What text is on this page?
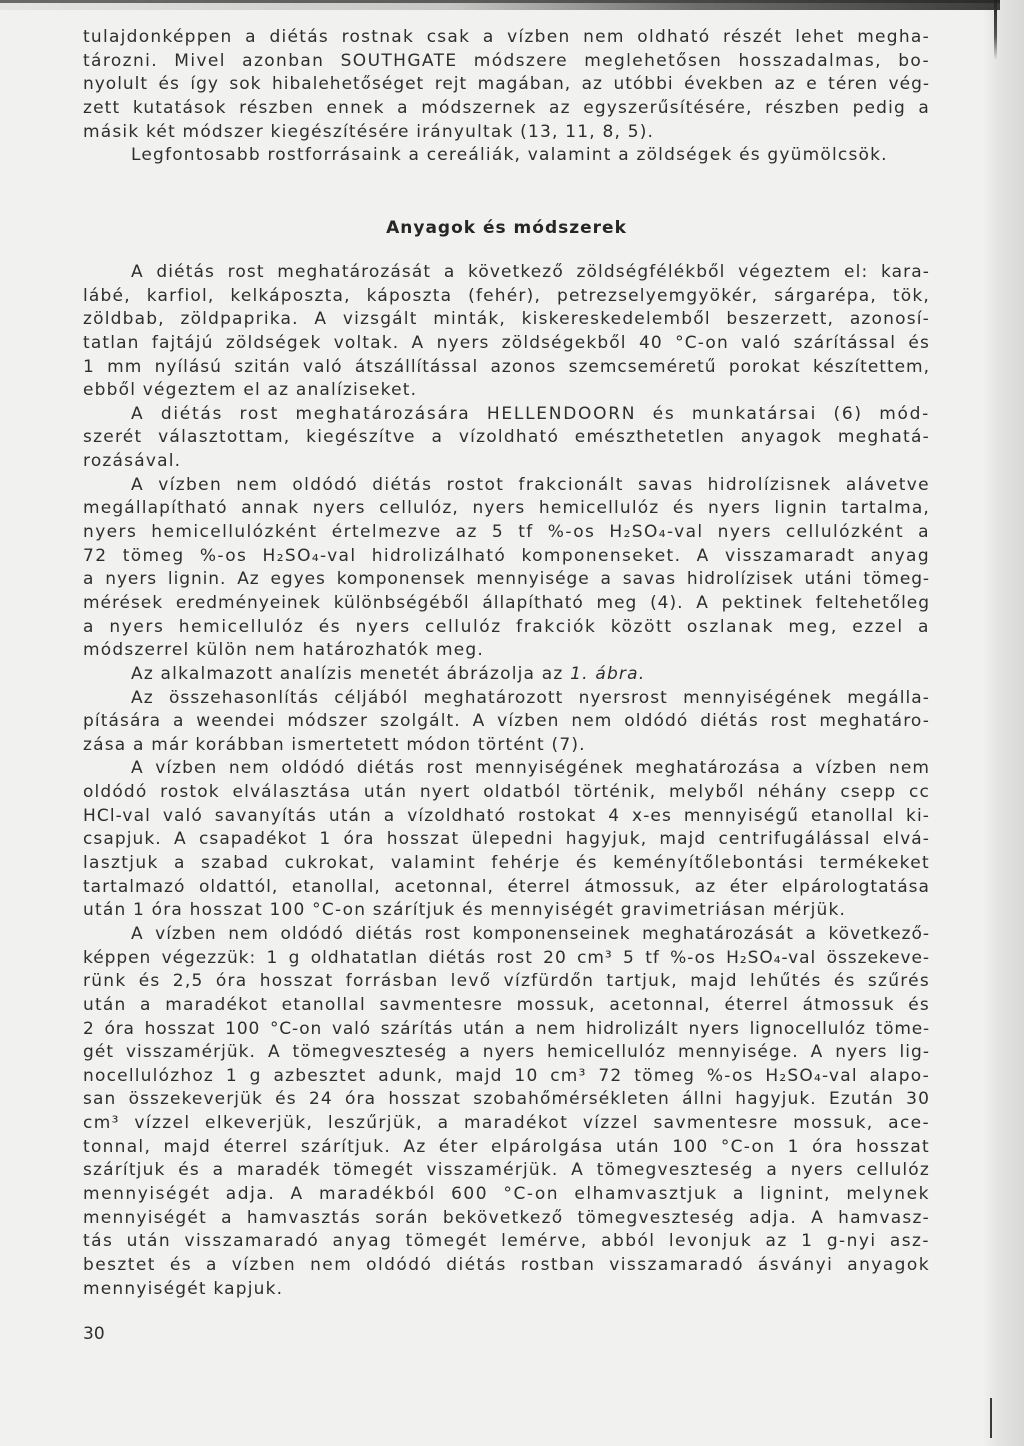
tulajdonképpen a diétás rostnak csak a vízben nem oldható részét lehet megha-
tározni. Mivel azonban SOUTHGATE módszere meglehetősen hosszadalmas, bo-
nyolult és így sok hibalehetőséget rejt magában, az utóbbi években az e téren vég-
zett kutatások részben ennek a módszernek az egyszerűsítésére, részben pedig a
másik két módszer kiegészítésére irányultak (13, 11, 8, 5).
Legfontosabb rostforrásaink a cereáliák, valamint a zöldségek és gyümölcsök.
Anyagok és módszerek
A diétás rost meghatározását a következő zöldségfélékből végeztem el: kara-
lábé, karfiol, kelkáposzta, káposzta (fehér), petrezselyemgyökér, sárgarépa, tök,
zöldbab, zöldpaprika. A vizsgált minták, kiskereskedelemből beszerzett, azonosí-
tatlan fajtájú zöldségek voltak. A nyers zöldségekből 40 °C-on való szárítással és
1 mm nyílású szitán való átszállítással azonos szemcseméretű porokat készítettem,
ebből végeztem el az analíziseket.
A diétás rost meghatározására HELLENDOORN és munkatársai (6) mód-
szerét választottam, kiegészítve a vízoldható emészthetetlen anyagok meghatá-
rozásával.
A vízben nem oldódó diétás rostot frakcionált savas hidrolízisnek alávetve
megállapítható annak nyers cellulóz, nyers hemicellulóz és nyers lignin tartalma,
nyers hemicellulózként értelmezve az 5 tf %-os H₂SO₄-val nyers cellulózként a
72 tömeg %-os H₂SO₄-val hidrolizálható komponenseket. A visszamaradt anyag
a nyers lignin. Az egyes komponensek mennyisége a savas hidrolízisek utáni tömeg-
mérések eredményeinek különbségéből állapítható meg (4). A pektinek feltehetőleg
a nyers hemicellulóz és nyers cellulóz frakciók között oszlanak meg, ezzel a
módszerrel külön nem határozhatók meg.
Az alkalmazott analízis menetét ábrázolja az 1. ábra.
Az összehasonlítás céljából meghatározott nyersrost mennyiségének megálla-
pítására a weendei módszer szolgált. A vízben nem oldódó diétás rost meghatáro-
zása a már korábban ismertetett módon történt (7).
A vízben nem oldódó diétás rost mennyiségének meghatározása a vízben nem
oldódó rostok elválasztása után nyert oldatból történik, melyből néhány csepp cc
HCl-val való savanyítás után a vízoldható rostokat 4 x-es mennyiségű etanollal ki-
csapjuk. A csapadékot 1 óra hosszat ülepedni hagyjuk, majd centrifugálással elvá-
lasztjuk a szabad cukrokat, valamint fehérje és keményítőlebontási termékeket
tartalmazó oldattól, etanollal, acetonnal, éterrel átmossuk, az éter elpárologtatása
után 1 óra hosszat 100 °C-on szárítjuk és mennyiségét gravimetriásan mérjük.
A vízben nem oldódó diétás rost komponenseinek meghatározását a következő-
képpen végezzük: 1 g oldhatatlan diétás rost 20 cm³ 5 tf %-os H₂SO₄-val összekeve-
rünk és 2,5 óra hosszat forrásban levő vízfürdőn tartjuk, majd lehűtés és szűrés
után a maradékot etanollal savmentesre mossuk, acetonnal, éterrel átmossuk és
2 óra hosszat 100 °C-on való szárítás után a nem hidrolizált nyers lignocellulóz töme-
gét visszamérjük. A tömegveszteség a nyers hemicellulóz mennyisége. A nyers lig-
nocellulózhoz 1 g azbesztet adunk, majd 10 cm³ 72 tömeg %-os H₂SO₄-val alapo-
san összekeverjük és 24 óra hosszat szobahőmérsékleten állni hagyjuk. Ezután 30
cm³ vízzel elkeverjük, leszűrjük, a maradékot vízzel savmentesre mossuk, ace-
tonnal, majd éterrel szárítjuk. Az éter elpárolgása után 100 °C-on 1 óra hosszat
szárítjuk és a maradék tömegét visszamérjük. A tömegveszteség a nyers cellulóz
mennyiségét adja. A maradékból 600 °C-on elhamvasztjuk a lignint, melynek
mennyiségét a hamvasztás során bekövetkező tömegveszteség adja. A hamvasz-
tás után visszamaradó anyag tömegét lemérve, abból levonjuk az 1 g-nyi asz-
besztet és a vízben nem oldódó diétás rostban visszamaradó ásványi anyagok
mennyiségét kapjuk.
30
